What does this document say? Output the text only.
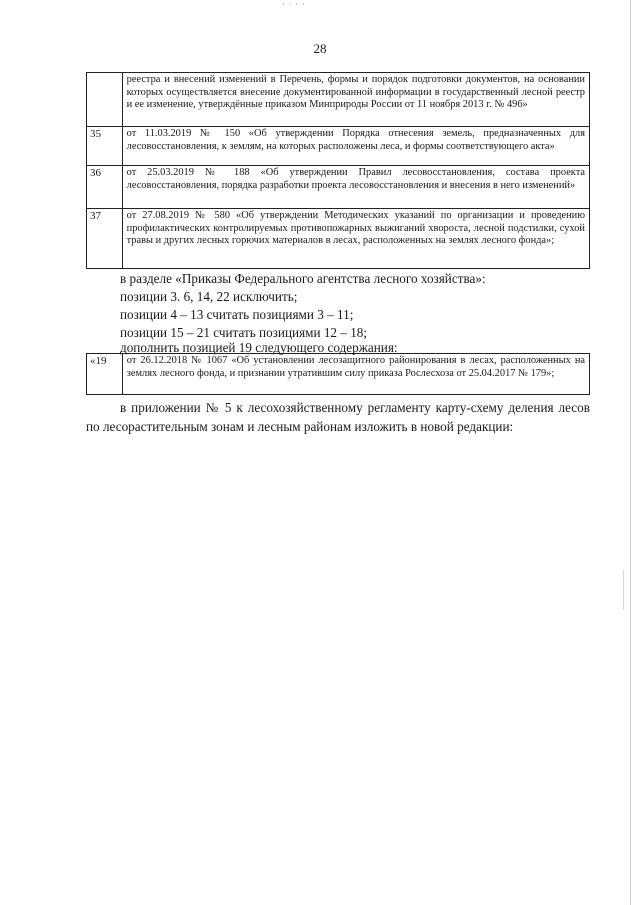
· · · ·
28
	реестра и внесений изменений в Перечень, формы и порядок подготовки документов, на основании которых осуществляется внесение документированной информации в государственный лесной реестр и ее изменение, утверждённые приказом Минприроды России от 11 ноября 2013 г. № 496»
35	от 11.03.2019 № 150 «Об утверждении Порядка отнесения земель, предназначенных для лесовосстановления, к землям, на которых расположены леса, и формы соответствующего акта»
36	от 25.03.2019 № 188 «Об утверждении Правил лесовосстановления, состава проекта лесовосстановления, порядка разработки проекта лесовосстановления и внесения в него изменений»
37	от 27.08.2019 № 580 «Об утверждении Методических указаний по организации и проведению профилактических контролируемых противопожарных выжиганий хвороста, лесной подстилки, сухой травы и других лесных горючих материалов в лесах, расположенных на землях лесного фонда»;
в разделе «Приказы Федерального агентства лесного хозяйства»:
позиции 3. 6, 14, 22 исключить;
позиции 4 – 13 считать позициями 3 – 11;
позиции 15 – 21 считать позициями 12 – 18;
дополнить позицией 19 следующего содержания:
«19	от 26.12.2018 № 1067 «Об установлении лесозащитного районирования в лесах, расположенных на землях лесного фонда, и признании утратившим силу приказа Рослесхоза от 25.04.2017 № 179»;
в приложении № 5 к лесохозяйственному регламенту карту-схему деления лесов по лесорастительным зонам и лесным районам изложить в новой редакции:
